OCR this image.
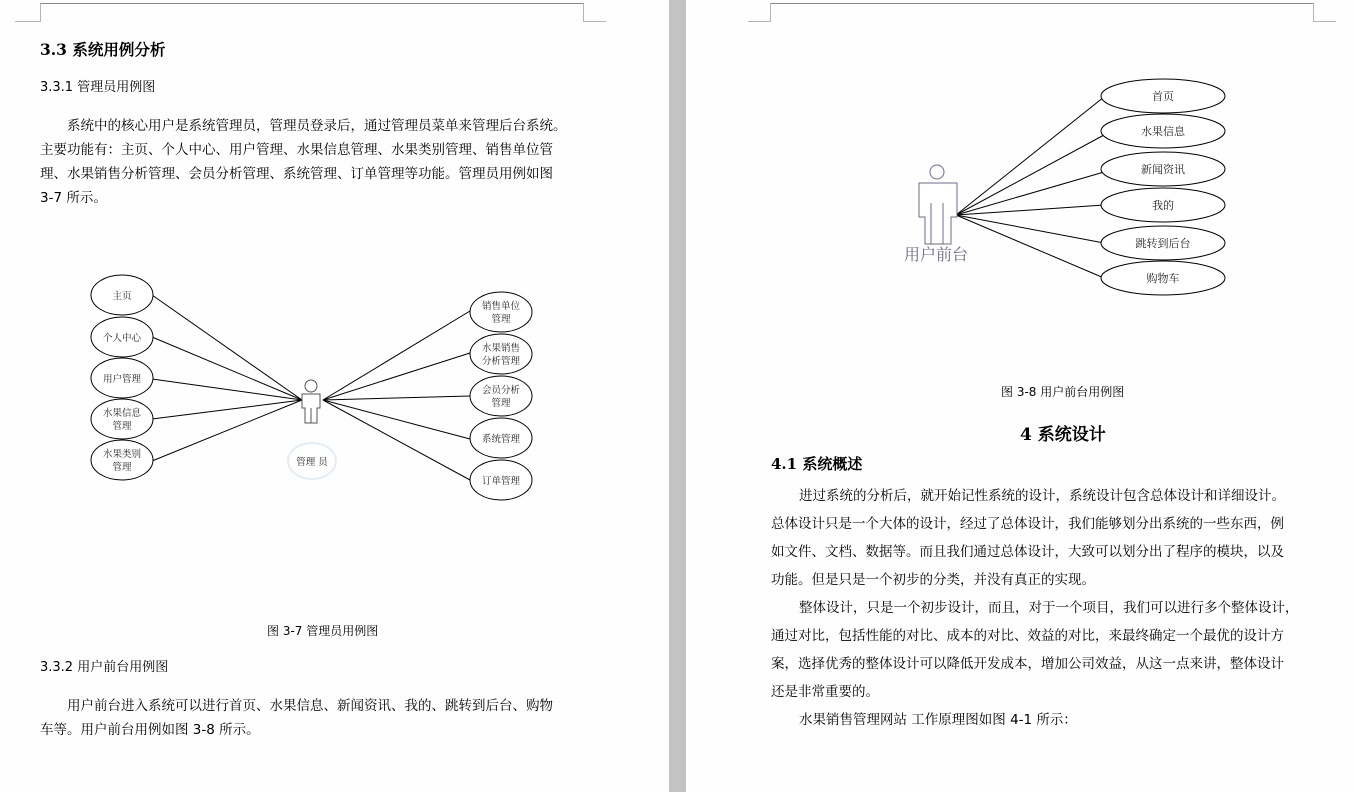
3.3 系统用例分析
3.3.1 管理员用例图
系统中的核心用户是系统管理员，管理员登录后，通过管理员菜单来管理后台系统。
主要功能有：主页、个人中心、用户管理、水果信息管理、水果类别管理、销售单位管
理、水果销售分析管理、会员分析管理、系统管理、订单管理等功能。管理员用例如图
3-7 所示。
主页
个人中心
用户管理
水果信息
管理
水果类别
管理
销售单位
管理
水果销售
分析管理
会员分析
管理
系统管理
订单管理
管理 员
图 3-7 管理员用例图
3.3.2 用户前台用例图
用户前台进入系统可以进行首页、水果信息、新闻资讯、我的、跳转到后台、购物
车等。用户前台用例如图 3-8 所示。
首页
水果信息
新闻资讯
我的
跳转到后台
购物车
用户前台
图 3-8 用户前台用例图
4 系统设计
4.1 系统概述
进过系统的分析后，就开始记性系统的设计，系统设计包含总体设计和详细设计。
总体设计只是一个大体的设计，经过了总体设计，我们能够划分出系统的一些东西，例
如文件、文档、数据等。而且我们通过总体设计，大致可以划分出了程序的模块，以及
功能。但是只是一个初步的分类，并没有真正的实现。
整体设计，只是一个初步设计，而且，对于一个项目，我们可以进行多个整体设计，
通过对比，包括性能的对比、成本的对比、效益的对比，来最终确定一个最优的设计方
案，选择优秀的整体设计可以降低开发成本，增加公司效益，从这一点来讲，整体设计
还是非常重要的。
水果销售管理网站 工作原理图如图 4-1 所示：
